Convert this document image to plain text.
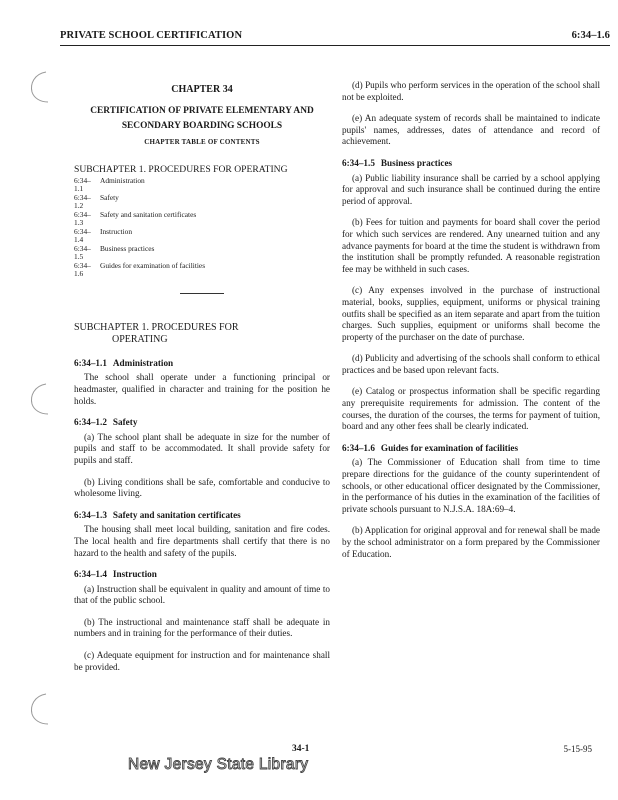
PRIVATE SCHOOL CERTIFICATION	6:34–1.6
CHAPTER 34
CERTIFICATION OF PRIVATE ELEMENTARY AND
SECONDARY BOARDING SCHOOLS
CHAPTER TABLE OF CONTENTS
SUBCHAPTER 1. PROCEDURES FOR OPERATING
6:34–1.1
Administration
6:34–1.2
Safety
6:34–1.3
Safety and sanitation certificates
6:34–1.4
Instruction
6:34–1.5
Business practices
6:34–1.6
Guides for examination of facilities
SUBCHAPTER 1. PROCEDURES FOR
OPERATING
6:34–1.1 Administration

The school shall operate under a functioning principal or headmaster, qualified in character and training for the position he holds.

6:34–1.2 Safety

(a) The school plant shall be adequate in size for the number of pupils and staff to be accommodated. It shall provide safety for pupils and staff.

(b) Living conditions shall be safe, comfortable and conducive to wholesome living.

6:34–1.3 Safety and sanitation certificates

The housing shall meet local building, sanitation and fire codes. The local health and fire departments shall certify that there is no hazard to the health and safety of the pupils.

6:34–1.4 Instruction

(a) Instruction shall be equivalent in quality and amount of time to that of the public school.

(b) The instructional and maintenance staff shall be adequate in numbers and in training for the performance of their duties.

(c) Adequate equipment for instruction and for maintenance shall be provided.

(d) Pupils who perform services in the operation of the school shall not be exploited.

(e) An adequate system of records shall be maintained to indicate pupils' names, addresses, dates of attendance and record of achievement.

6:34–1.5 Business practices

(a) Public liability insurance shall be carried by a school applying for approval and such insurance shall be continued during the entire period of approval.

(b) Fees for tuition and payments for board shall cover the period for which such services are rendered. Any unearned tuition and any advance payments for board at the time the student is withdrawn from the institution shall be promptly refunded. A reasonable registration fee may be withheld in such cases.

(c) Any expenses involved in the purchase of instructional material, books, supplies, equipment, uniforms or physical training outfits shall be specified as an item separate and apart from the tuition charges. Such supplies, equipment or uniforms shall become the property of the purchaser on the date of purchase.

(d) Publicity and advertising of the schools shall conform to ethical practices and be based upon relevant facts.

(e) Catalog or prospectus information shall be specific regarding any prerequisite requirements for admission. The content of the courses, the duration of the courses, the terms for payment of tuition, board and any other fees shall be clearly indicated.

6:34–1.6 Guides for examination of facilities

(a) The Commissioner of Education shall from time to time prepare directions for the guidance of the county superintendent of schools, or other educational officer designated by the Commissioner, in the performance of his duties in the examination of the facilities of private schools pursuant to N.J.S.A. 18A:69–4.

(b) Application for original approval and for renewal shall be made by the school administrator on a form prepared by the Commissioner of Education.

34-1	5-15-95
New Jersey State Library
